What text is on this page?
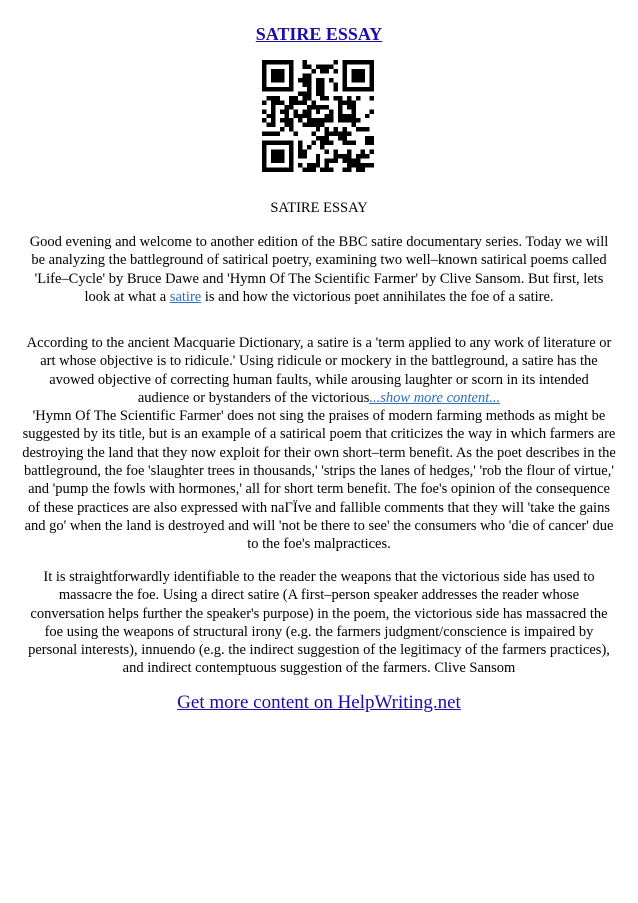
SATIRE ESSAY
SATIRE ESSAY
Good evening and welcome to another edition of the BBC satire documentary series. Today we will be analyzing the battleground of satirical poetry, examining two well–known satirical poems called 'Life–Cycle' by Bruce Dawe and 'Hymn Of The Scientific Farmer' by Clive Sansom. But first, lets look at what a satire is and how the victorious poet annihilates the foe of a satire.
According to the ancient Macquarie Dictionary, a satire is a 'term applied to any work of literature or art whose objective is to ridicule.' Using ridicule or mockery in the battleground, a satire has the avowed objective of correcting human faults, while arousing laughter or scorn in its intended audience or bystanders of the victorious...show more content...
'Hymn Of The Scientific Farmer' does not sing the praises of modern farming methods as might be suggested by its title, but is an example of a satirical poem that criticizes the way in which farmers are destroying the land that they now exploit for their own short–term benefit. As the poet describes in the battleground, the foe 'slaughter trees in thousands,' 'strips the lanes of hedges,' 'rob the flour of virtue,' and 'pump the fowls with hormones,' all for short term benefit. The foe's opinion of the consequence of these practices are also expressed with naГЇve and fallible comments that they will 'take the gains and go' when the land is destroyed and will 'not be there to see' the consumers who 'die of cancer' due to the foe's malpractices.
It is straightforwardly identifiable to the reader the weapons that the victorious side has used to massacre the foe. Using a direct satire (A first–person speaker addresses the reader whose conversation helps further the speaker's purpose) in the poem, the victorious side has massacred the foe using the weapons of structural irony (e.g. the farmers judgment/conscience is impaired by personal interests), innuendo (e.g. the indirect suggestion of the legitimacy of the farmers practices), and indirect contemptuous suggestion of the farmers. Clive Sansom
Get more content on HelpWriting.net
